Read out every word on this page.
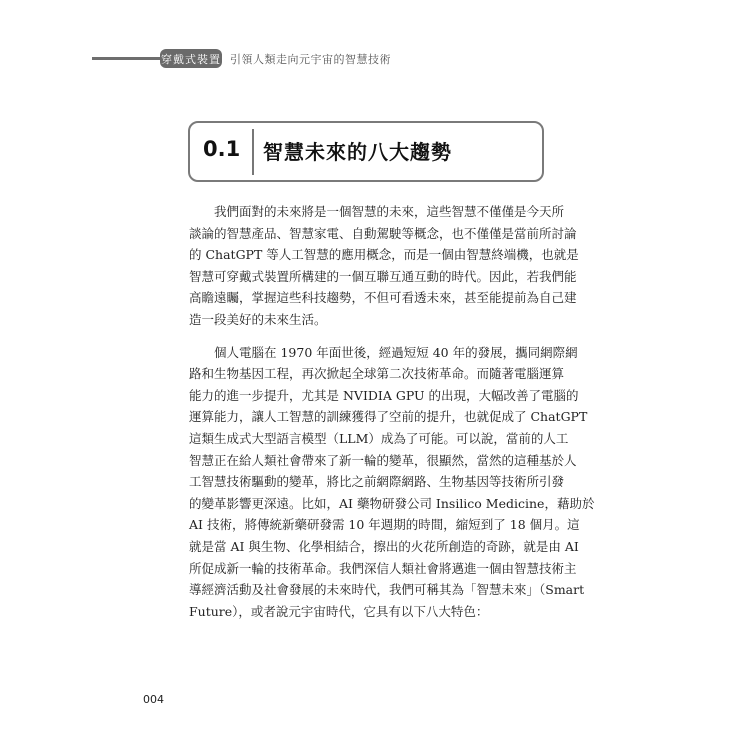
穿戴式裝置 引領人類走向元宇宙的智慧技術
0.1	智慧未來的八大趨勢
我們面對的未來將是一個智慧的未來，這些智慧不僅僅是今天所
談論的智慧產品、智慧家電、自動駕駛等概念，也不僅僅是當前所討論
的 ChatGPT 等人工智慧的應用概念，而是一個由智慧終端機，也就是
智慧可穿戴式裝置所構建的一個互聯互通互動的時代。因此，若我們能
高瞻遠矚，掌握這些科技趨勢，不但可看透未來，甚至能提前為自己建
造一段美好的未來生活。
個人電腦在 1970 年面世後，經過短短 40 年的發展，攜同網際網
路和生物基因工程，再次掀起全球第二次技術革命。而隨著電腦運算
能力的進一步提升，尤其是 NVIDIA GPU 的出現，大幅改善了電腦的
運算能力，讓人工智慧的訓練獲得了空前的提升，也就促成了 ChatGPT
這類生成式大型語言模型（LLM）成為了可能。可以說，當前的人工
智慧正在給人類社會帶來了新一輪的變革，很顯然，當然的這種基於人
工智慧技術驅動的變革，將比之前網際網路、生物基因等技術所引發
的變革影響更深遠。比如，AI 藥物研發公司 Insilico Medicine，藉助於
AI 技術，將傳統新藥研發需 10 年週期的時間，縮短到了 18 個月。這
就是當 AI 與生物、化學相結合，擦出的火花所創造的奇跡，就是由 AI
所促成新一輪的技術革命。我們深信人類社會將邁進一個由智慧技術主
導經濟活動及社會發展的未來時代，我們可稱其為「智慧未來」（Smart
Future），或者說元宇宙時代，它具有以下八大特色：
004
